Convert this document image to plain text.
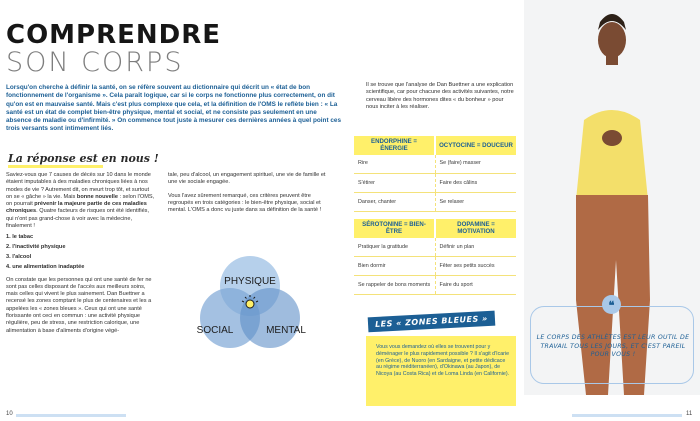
COMPRENDRE
SON CORPS
Lorsqu'on cherche à définir la santé, on se réfère souvent au dictionnaire qui décrit un « état de bon fonctionnement de l'organisme ». Cela paraît logique, car si le corps ne fonctionne plus correctement, on dit qu'on est en mauvaise santé. Mais c'est plus complexe que cela, et la définition de l'OMS le reflète bien : « La santé est un état de complet bien-être physique, mental et social, et ne consiste pas seulement en une absence de maladie ou d'infirmité. » On commence tout juste à mesurer ces dernières années à quel point ces trois versants sont intimement liés.
La réponse est en nous !

Saviez-vous que 7 causes de décès sur 10 dans le monde étaient imputables à des maladies chroniques liées à nos modes de vie ? Autrement dit, on meurt trop tôt, et surtout on se « gâche » la vie. Mais bonne nouvelle : selon l'OMS, on pourrait prévenir la majeure partie de ces maladies chroniques. Quatre facteurs de risques ont été identifiés, qui n'ont pas grand-chose à voir avec la médecine, finalement !

1. le tabac
2. l'inactivité physique
3. l'alcool
4. une alimentation inadaptée

On constate que les personnes qui ont une santé de fer ne sont pas celles disposant de l'accès aux meilleurs soins, mais celles qui vivent le plus sainement. Dan Buettner a recensé les zones comptant le plus de centenaires et les a appelées les « zones bleues ». Ceux qui ont une santé florissante ont ceci en commun : une activité physique régulière, peu de stress, une restriction calorique, une alimentation à base d'aliments d'origine végé-

tale, peu d'alcool, un engagement spirituel, une vie de famille et une vie sociale engagée.

Vous l'avez sûrement remarqué, ces critères peuvent être regroupés en trois catégories : le bien-être physique, social et mental. L'OMS a donc vu juste dans sa définition de la santé !

PHYSIQUE
SOCIAL	MENTAL
10
Il se trouve que l'analyse de Dan Buettner a une explication scientifique, car pour chacune des activités suivantes, notre cerveau libère des hormones dites « du bonheur » pour nous inciter à les réaliser.
ENDORPHINE = ÉNERGIE	OCYTOCINE = DOUCEUR
Rire	Se (faire) masser
S'étirer	Faire des câlins
Danser, chanter	Se relaxer
SÉROTONINE = BIEN-ÊTRE	DOPAMINE = MOTIVATION
Pratiquer la gratitude	Définir un plan
Bien dormir	Fêter ses petits succès
Se rappeler de bons moments	Faire du sport
LES « ZONES BLEUES »
Vous vous demandez où elles se trouvent pour y déménager le plus rapidement possible ? Il s'agit d'Icarie (en Grèce), de Nuoro (en Sardaigne, et petite dédicace au régime méditerranéen), d'Okinawa (au Japon), de Nicoya (au Costa Rica) et de Loma Linda (en Californie).
❝
LE CORPS DES ATHLÈTES EST LEUR OUTIL DE TRAVAIL TOUS LES JOURS, ET C'EST PAREIL POUR VOUS !
11
